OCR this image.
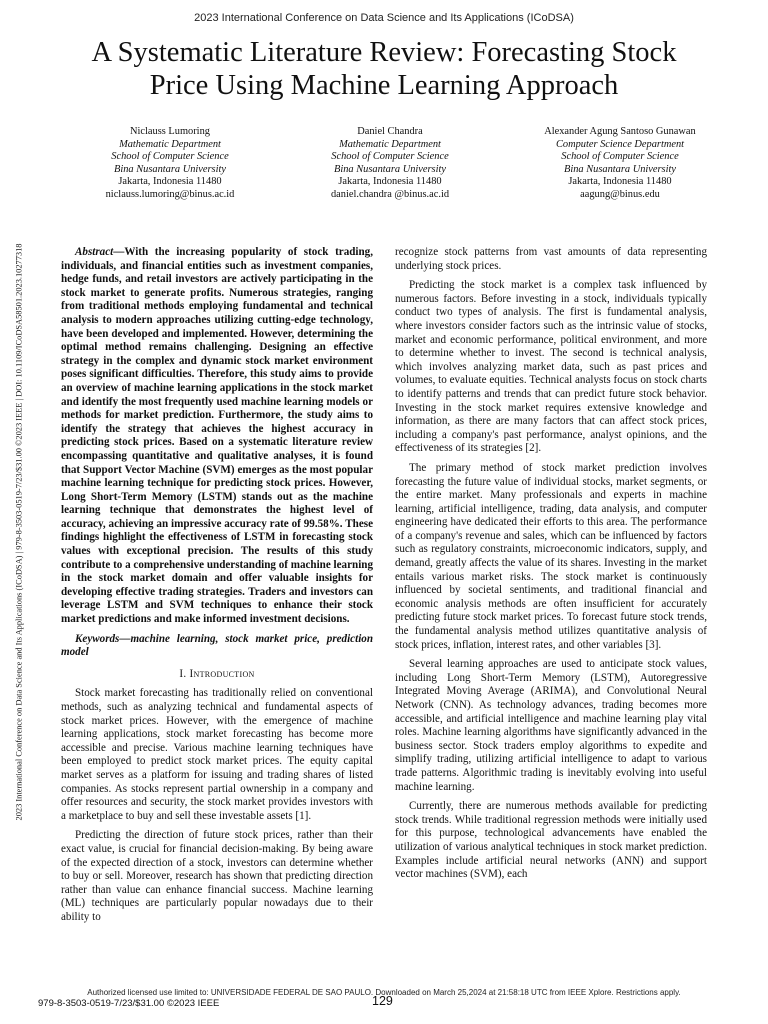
2023 International Conference on Data Science and Its Applications (ICoDSA)
A Systematic Literature Review: Forecasting Stock
Price Using Machine Learning Approach
Niclauss Lumoring
Mathematic Department
School of Computer Science
Bina Nusantara University
Jakarta, Indonesia 11480
niclauss.lumoring@binus.ac.id
Daniel Chandra
Mathematic Department
School of Computer Science
Bina Nusantara University
Jakarta, Indonesia 11480
daniel.chandra @binus.ac.id
Alexander Agung Santoso Gunawan
Computer Science Department
School of Computer Science
Bina Nusantara University
Jakarta, Indonesia 11480
aagung@binus.edu
2023 International Conference on Data Science and Its Applications (ICoDSA) | 979-8-3503-0519-7/23/$31.00 ©2023 IEEE | DOI: 10.1109/ICoDSA58501.2023.10277318	Abstract—With the increasing popularity of stock trading, individuals, and financial entities such as investment companies, hedge funds, and retail investors are actively participating in the stock market to generate profits. Numerous strategies, ranging from traditional methods employing fundamental and technical analysis to modern approaches utilizing cutting-edge technology, have been developed and implemented. However, determining the optimal method remains challenging. Designing an effective strategy in the complex and dynamic stock market environment poses significant difficulties. Therefore, this study aims to provide an overview of machine learning applications in the stock market and identify the most frequently used machine learning models or methods for market prediction. Furthermore, the study aims to identify the strategy that achieves the highest accuracy in predicting stock prices. Based on a systematic literature review encompassing quantitative and qualitative analyses, it is found that Support Vector Machine (SVM) emerges as the most popular machine learning technique for predicting stock prices. However, Long Short-Term Memory (LSTM) stands out as the machine learning technique that demonstrates the highest level of accuracy, achieving an impressive accuracy rate of 99.58%. These findings highlight the effectiveness of LSTM in forecasting stock values with exceptional precision. The results of this study contribute to a comprehensive understanding of machine learning in the stock market domain and offer valuable insights for developing effective trading strategies. Traders and investors can leverage LSTM and SVM techniques to enhance their stock market predictions and make informed investment decisions.

Keywords—machine learning, stock market price, prediction model

I. Introduction

Stock market forecasting has traditionally relied on conventional methods, such as analyzing technical and fundamental aspects of stock market prices. However, with the emergence of machine learning applications, stock market forecasting has become more accessible and precise. Various machine learning techniques have been employed to predict stock market prices. The equity capital market serves as a platform for issuing and trading shares of listed companies. As stocks represent partial ownership in a company and offer resources and security, the stock market provides investors with a marketplace to buy and sell these investable assets [1].

Predicting the direction of future stock prices, rather than their exact value, is crucial for financial decision-making. By being aware of the expected direction of a stock, investors can determine whether to buy or sell. Moreover, research has shown that predicting direction rather than value can enhance financial success. Machine learning (ML) techniques are particularly popular nowadays due to their ability to

recognize stock patterns from vast amounts of data representing underlying stock prices.

Predicting the stock market is a complex task influenced by numerous factors. Before investing in a stock, individuals typically conduct two types of analysis. The first is fundamental analysis, where investors consider factors such as the intrinsic value of stocks, market and economic performance, political environment, and more to determine whether to invest. The second is technical analysis, which involves analyzing market data, such as past prices and volumes, to evaluate equities. Technical analysts focus on stock charts to identify patterns and trends that can predict future stock behavior. Investing in the stock market requires extensive knowledge and information, as there are many factors that can affect stock prices, including a company's past performance, analyst opinions, and the effectiveness of its strategies [2].

The primary method of stock market prediction involves forecasting the future value of individual stocks, market segments, or the entire market. Many professionals and experts in machine learning, artificial intelligence, trading, data analysis, and computer engineering have dedicated their efforts to this area. The performance of a company's revenue and sales, which can be influenced by factors such as regulatory constraints, microeconomic indicators, supply, and demand, greatly affects the value of its shares. Investing in the market entails various market risks. The stock market is continuously influenced by societal sentiments, and traditional financial and economic analysis methods are often insufficient for accurately predicting future stock market prices. To forecast future stock trends, the fundamental analysis method utilizes quantitative analysis of stock prices, inflation, interest rates, and other variables [3].

Several learning approaches are used to anticipate stock values, including Long Short-Term Memory (LSTM), Autoregressive Integrated Moving Average (ARIMA), and Convolutional Neural Network (CNN). As technology advances, trading becomes more accessible, and artificial intelligence and machine learning play vital roles. Machine learning algorithms have significantly advanced in the business sector. Stock traders employ algorithms to expedite and simplify trading, utilizing artificial intelligence to adapt to various trade patterns. Algorithmic trading is inevitably evolving into useful machine learning.

Currently, there are numerous methods available for predicting stock trends. While traditional regression methods were initially used for this purpose, technological advancements have enabled the utilization of various analytical techniques in stock market prediction. Examples include artificial neural networks (ANN) and support vector machines (SVM), each

Authorized licensed use limited to: UNIVERSIDADE FEDERAL DE SAO PAULO. Downloaded on March 25,2024 at 21:58:18 UTC from IEEE Xplore. Restrictions apply.
979-8-3503-0519-7/23/$31.00 ©2023 IEEE	129
